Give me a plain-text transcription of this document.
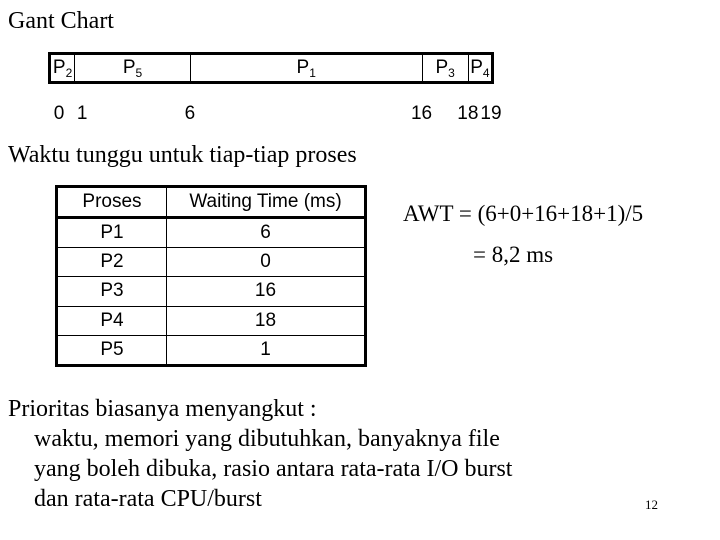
Gant Chart
$P_2$	$P_5$	$P_1$	$P_3$ $P_4$
0 1	6	16 18 19
Waktu tunggu untuk tiap-tiap proses
Proses	Waiting Time (ms)
P1	6
P2	0
P3	16
P4	18
P5	1
AWT = (6+0+16+18+1)/5
= 8,2 ms
Prioritas biasanya menyangkut :
waktu, memori yang dibutuhkan, banyaknya file
yang boleh dibuka, rasio antara rata-rata I/O burst
dan rata-rata CPU/burst	12
